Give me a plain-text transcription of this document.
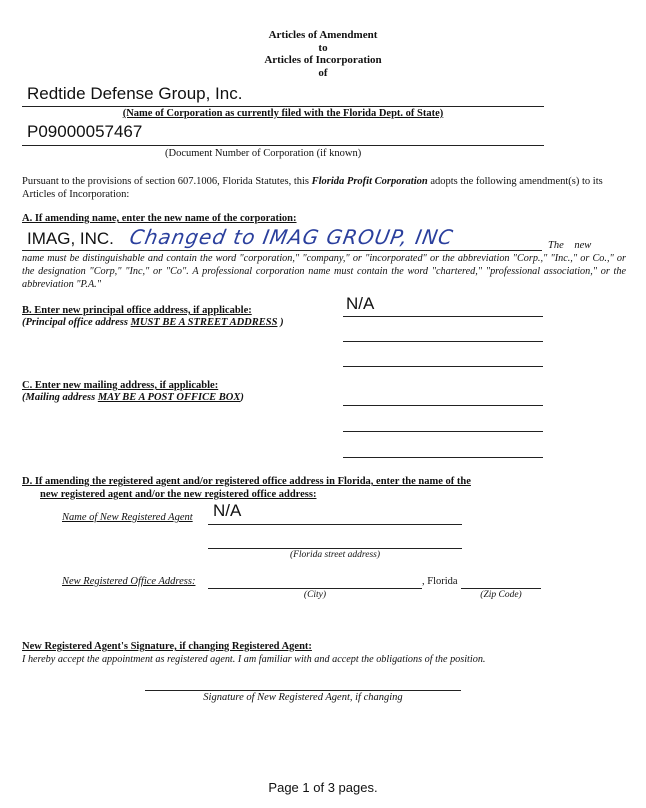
Articles of Amendment
to
Articles of Incorporation
of
Redtide Defense Group, Inc.
(Name of Corporation as currently filed with the Florida Dept. of State)
P09000057467
(Document Number of Corporation (if known)
Pursuant to the provisions of section 607.1006, Florida Statutes, this Florida Profit Corporation adopts the following amendment(s) to its Articles of Incorporation:
A. If amending name, enter the new name of the corporation:
IMAG, INC. Changed to IMAG GROUP, INC	The new
name must be distinguishable and contain the word "corporation," "company," or "incorporated" or the abbreviation "Corp.," "Inc.," or Co.," or the designation "Corp," "Inc," or "Co". A professional corporation name must contain the word "chartered," "professional association," or the abbreviation "P.A."
B. Enter new principal office address, if applicable:
(Principal office address MUST BE A STREET ADDRESS )
N/A
C. Enter new mailing address, if applicable:
(Mailing address MAY BE A POST OFFICE BOX)
D. If amending the registered agent and/or registered office address in Florida, enter the name of the
new registered agent and/or the new registered office address:
Name of New Registered Agent N/A
(Florida street address)
New Registered Office Address:	, Florida
(City)	(Zip Code)
New Registered Agent's Signature, if changing Registered Agent:
I hereby accept the appointment as registered agent. I am familiar with and accept the obligations of the position.
Signature of New Registered Agent, if changing
Page 1 of 3 pages.
